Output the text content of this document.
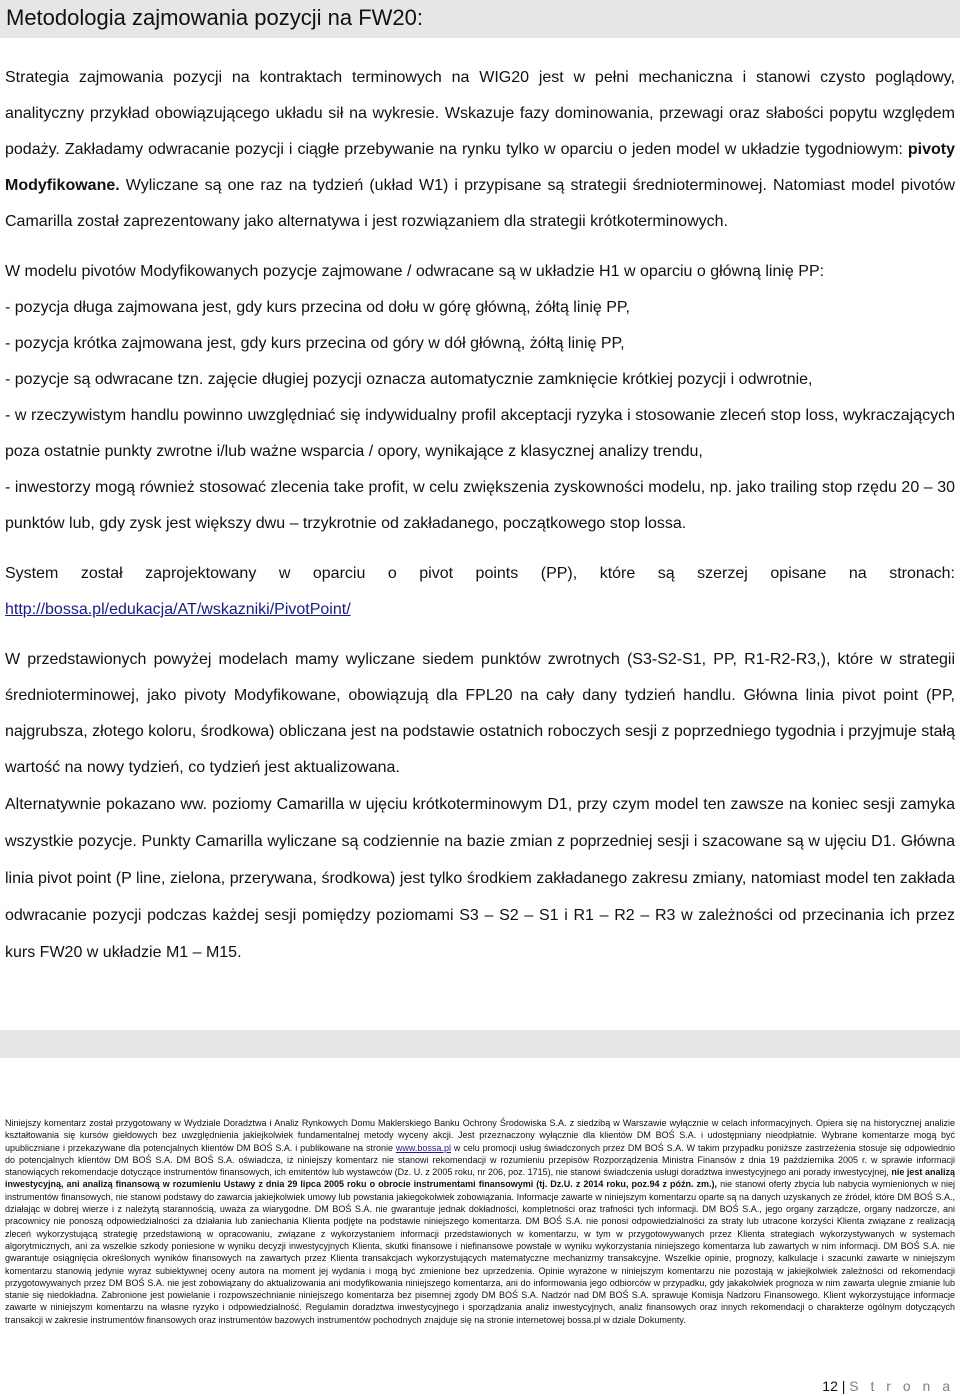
Metodologia zajmowania pozycji na FW20:

Strategia zajmowania pozycji na kontraktach terminowych na WIG20 jest w pełni mechaniczna i stanowi czysto poglądowy, analityczny przykład obowiązującego układu sił na wykresie. Wskazuje fazy dominowania, przewagi oraz słabości popytu względem podaży. Zakładamy odwracanie pozycji i ciągłe przebywanie na rynku tylko w oparciu o jeden model w układzie tygodniowym: pivoty Modyfikowane. Wyliczane są one raz na tydzień (układ W1) i przypisane są strategii średnioterminowej. Natomiast model pivotów Camarilla został zaprezentowany jako alternatywa i jest rozwiązaniem dla strategii krótkoterminowych.

W modelu pivotów Modyfikowanych pozycje zajmowane / odwracane są w układzie H1 w oparciu o główną linię PP:

- pozycja długa zajmowana jest, gdy kurs przecina od dołu w górę główną, żółtą linię PP,

- pozycja krótka zajmowana jest, gdy kurs przecina od góry w dół główną, żółtą linię PP,

- pozycje są odwracane tzn. zajęcie długiej pozycji oznacza automatycznie zamknięcie krótkiej pozycji i odwrotnie,

- w rzeczywistym handlu powinno uwzględniać się indywidualny profil akceptacji ryzyka i stosowanie zleceń stop loss, wykraczających poza ostatnie punkty zwrotne i/lub ważne wsparcia / opory, wynikające z klasycznej analizy trendu,

- inwestorzy mogą również stosować zlecenia take profit, w celu zwiększenia zyskowności modelu, np. jako trailing stop rzędu 20 – 30 punktów lub, gdy zysk jest większy dwu – trzykrotnie od zakładanego, początkowego stop lossa.

System został zaprojektowany w oparciu o pivot points (PP), które są szerzej opisane na stronach: http://bossa.pl/edukacja/AT/wskazniki/PivotPoint/

W przedstawionych powyżej modelach mamy wyliczane siedem punktów zwrotnych (S3-S2-S1, PP, R1-R2-R3,), które w strategii średnioterminowej, jako pivoty Modyfikowane, obowiązują dla FPL20 na cały dany tydzień handlu. Główna linia pivot point (PP, najgrubsza, złotego koloru, środkowa) obliczana jest na podstawie ostatnich roboczych sesji z poprzedniego tygodnia i przyjmuje stałą wartość na nowy tydzień, co tydzień jest aktualizowana.

Alternatywnie pokazano ww. poziomy Camarilla w ujęciu krótkoterminowym D1, przy czym model ten zawsze na koniec sesji zamyka wszystkie pozycje. Punkty Camarilla wyliczane są codziennie na bazie zmian z poprzedniej sesji i szacowane są w ujęciu D1. Główna linia pivot point (P line, zielona, przerywana, środkowa) jest tylko środkiem zakładanego zakresu zmiany, natomiast model ten zakłada odwracanie pozycji podczas każdej sesji pomiędzy poziomami S3 – S2 – S1 i R1 – R2 – R3 w zależności od przecinania ich przez kurs FW20 w układzie M1 – M15.

Niniejszy komentarz został przygotowany w Wydziale Doradztwa i Analiz Rynkowych Domu Maklerskiego Banku Ochrony Środowiska S.A. z siedzibą w Warszawie wyłącznie w celach informacyjnych. Opiera się na historycznej analizie kształtowania się kursów giełdowych bez uwzględnienia jakiejkolwiek fundamentalnej metody wyceny akcji. Jest przeznaczony wyłącznie dla klientów DM BOŚ S.A. i udostępniany nieodpłatnie. Wybrane komentarze mogą być upubliczniane i przekazywane dla potencjalnych klientów DM BOŚ S.A. i publikowane na stronie www.bossa.pl w celu promocji usług świadczonych przez DM BOŚ S.A. W takim przypadku poniższe zastrzeżenia stosuje się odpowiednio do potencjalnych klientów DM BOŚ S.A. DM BOŚ S.A. oświadcza, iż niniejszy komentarz nie stanowi rekomendacji w rozumieniu przepisów Rozporządzenia Ministra Finansów z dnia 19 października 2005 r. w sprawie informacji stanowiących rekomendacje dotyczące instrumentów finansowych, ich emitentów lub wystawców (Dz. U. z 2005 roku, nr 206, poz. 1715), nie stanowi świadczenia usługi doradztwa inwestycyjnego ani porady inwestycyjnej, nie jest analizą inwestycyjną, ani analizą finansową w rozumieniu Ustawy z dnia 29 lipca 2005 roku o obrocie instrumentami finansowymi (tj. Dz.U. z 2014 roku, poz.94 z późn. zm.), nie stanowi oferty zbycia lub nabycia wymienionych w niej instrumentów finansowych, nie stanowi podstawy do zawarcia jakiejkolwiek umowy lub powstania jakiegokolwiek zobowiązania. Informacje zawarte w niniejszym komentarzu oparte są na danych uzyskanych ze źródeł, które DM BOŚ S.A., działając w dobrej wierze i z należytą starannością, uważa za wiarygodne. DM BOŚ S.A. nie gwarantuje jednak dokładności, kompletności oraz trafności tych informacji. DM BOŚ S.A., jego organy zarządcze, organy nadzorcze, ani pracownicy nie ponoszą odpowiedzialności za działania lub zaniechania Klienta podjęte na podstawie niniejszego komentarza. DM BOŚ S.A. nie ponosi odpowiedzialności za straty lub utracone korzyści Klienta związane z realizacją zleceń wykorzystującą strategię przedstawioną w opracowaniu, związane z wykorzystaniem informacji przedstawionych w komentarzu, w tym w przygotowywanych przez Klienta strategiach wykorzystywanych w systemach algorytmicznych, ani za wszelkie szkody poniesione w wyniku decyzji inwestycyjnych Klienta, skutki finansowe i niefinansowe powstałe w wyniku wykorzystania niniejszego komentarza lub zawartych w nim informacji. DM BOŚ S.A. nie gwarantuje osiągnięcia określonych wyników finansowych na zawartych przez Klienta transakcjach wykorzystujących matematyczne mechanizmy transakcyjne. Wszelkie opinie, prognozy, kalkulacje i szacunki zawarte w niniejszym komentarzu stanowią jedynie wyraz subiektywnej oceny autora na moment jej wydania i mogą być zmienione bez uprzedzenia. Opinie wyrażone w niniejszym komentarzu nie pozostają w jakiejkolwiek zależności od rekomendacji przygotowywanych przez DM BOŚ S.A. nie jest zobowiązany do aktualizowania ani modyfikowania niniejszego komentarza, ani do informowania jego odbiorców w przypadku, gdy jakakolwiek prognoza w nim zawarta ulegnie zmianie lub stanie się niedokładna. Zabronione jest powielanie i rozpowszechnianie niniejszego komentarza bez pisemnej zgody DM BOŚ S.A. Nadzór nad DM BOŚ S.A. sprawuje Komisja Nadzoru Finansowego. Klient wykorzystujące informacje zawarte w niniejszym komentarzu na własne ryzyko i odpowiedzialność. Regulamin doradztwa inwestycyjnego i sporządzania analiz inwestycyjnych, analiz finansowych oraz innych rekomendacji o charakterze ogólnym dotyczących transakcji w zakresie instrumentów finansowych oraz instrumentów bazowych instrumentów pochodnych znajduje się na stronie internetowej bossa.pl w dziale Dokumenty.

12 | S t r o n a
